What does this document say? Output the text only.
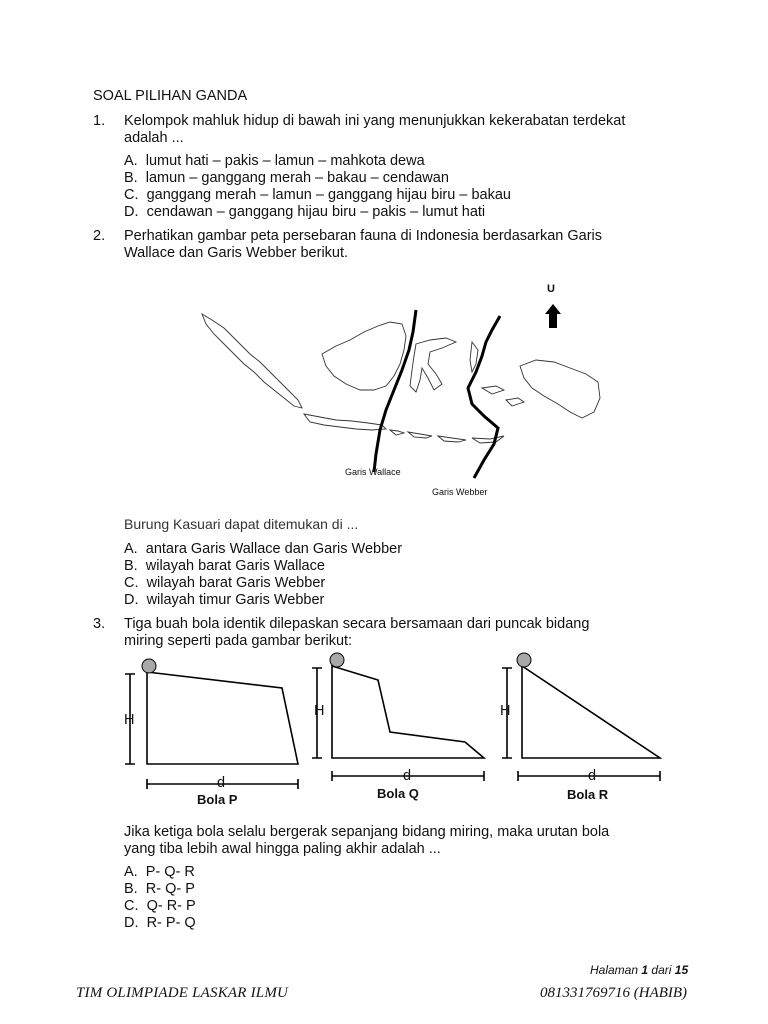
SOAL PILIHAN GANDA
1. Kelompok mahluk hidup di bawah ini yang menunjukkan kekerabatan terdekat
adalah ...
A. lumut hati – pakis – lamun – mahkota dewa
B. lamun – ganggang merah – bakau – cendawan
C. ganggang merah – lamun – ganggang hijau biru – bakau
D. cendawan – ganggang hijau biru – pakis – lumut hati
2. Perhatikan gambar peta persebaran fauna di Indonesia berdasarkan Garis
Wallace dan Garis Webber berikut.
U
Garis Wallace
Garis Webber
Burung Kasuari dapat ditemukan di ...
A. antara Garis Wallace dan Garis Webber
B. wilayah barat Garis Wallace
C. wilayah barat Garis Webber
D. wilayah timur Garis Webber
3. Tiga buah bola identik dilepaskan secara bersamaan dari puncak bidang
miring seperti pada gambar berikut:
H
H	H
d	d	d
Bola P	Bola Q	Bola R
Jika ketiga bola selalu bergerak sepanjang bidang miring, maka urutan bola
yang tiba lebih awal hingga paling akhir adalah ...
A. P- Q- R
B. R- Q- P
C. Q- R- P
D. R- P- Q
Halaman 1 dari 15
TIM OLIMPIADE LASKAR ILMU	081331769716 (HABIB)
